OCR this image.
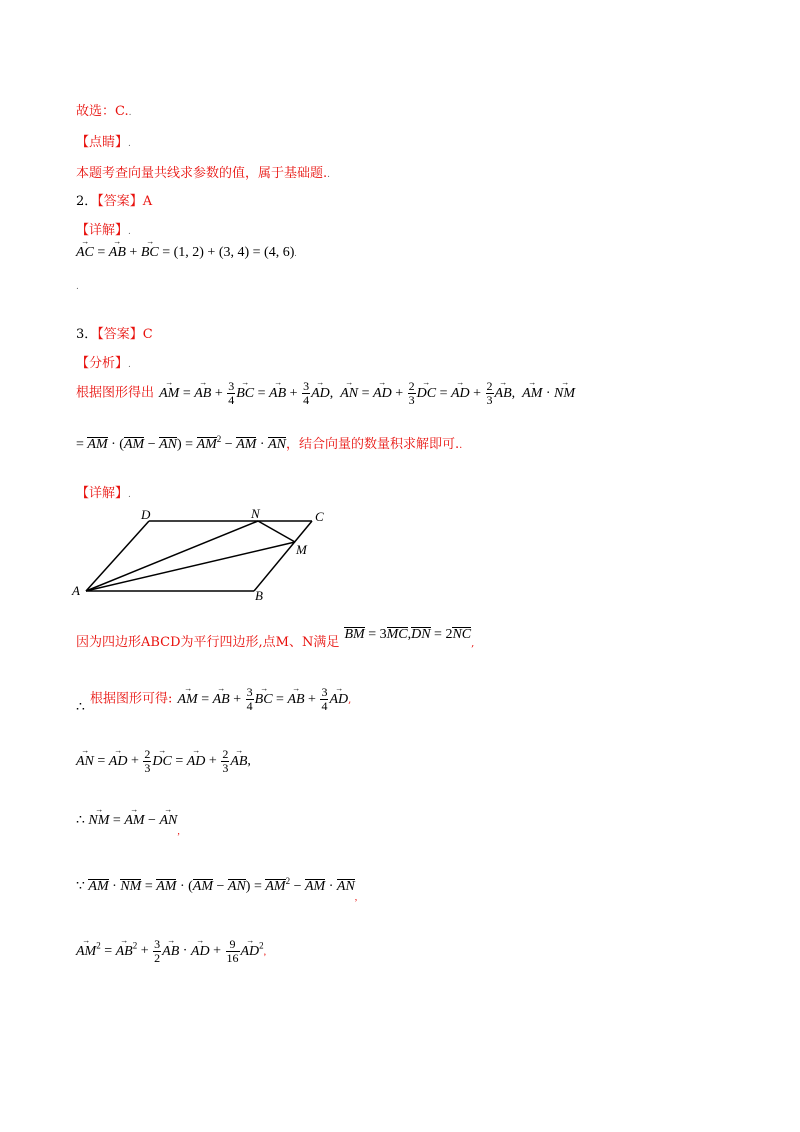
故选：C..
【点睛】.
本题考查向量共线求参数的值，属于基础题..
2．【答案】A
【详解】.
→ AC = → AB + → BC = (1, 2) + (3, 4) = (4, 6).
.
3．【答案】C
【分析】.
根据图形得出 → AM = → AB + $\frac{3}{4}$
→ BC = → AB + $\frac{3}{4}$
→ AD,  → AN = → AD + $\frac{2}{3}$
→ DC = → AD + $\frac{2}{3}$
→ AB,  → AM · → NM
= AM · $(AM - AN) = AM^2$ − AM · AN，结合向量的数量积求解即可..
【详解】.
A	B
C
D	N
M
因为四边形ABCD为平行四边形,点M、N满足 BM = 3MC,DN = 2NC,
∴ 根据图形可得: → AM = → AB + $\frac{3}{4}$
→ BC = → AB + $\frac{3}{4}$
→ AD,
→ AN = → AD + $\frac{2}{3}$
→ DC = → AD + $\frac{2}{3}$
→ AB,
∴ → NM = → AM − → $AN_,$
∵ AM · NM = AM · $(AM - AN) = AM^2$ − AM · $AN_,$
→ $AM^2$ = → $AB^2 + \frac{3}{2}$
→ AB · → AD + $\frac{9}{16}$
→ $AD^2$,
